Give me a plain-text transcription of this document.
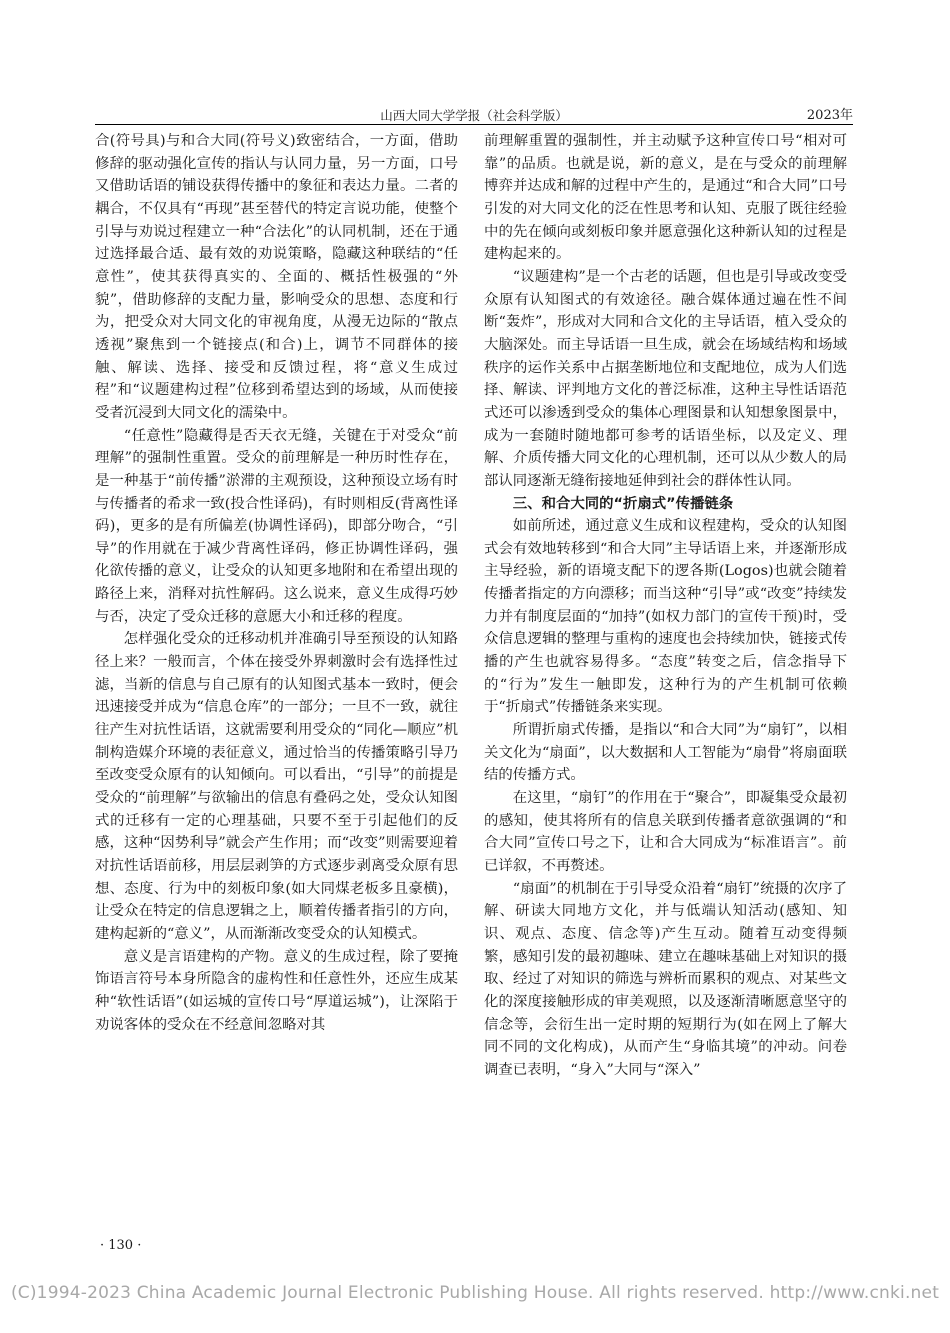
山西大同大学学报（社会科学版）	2023年

合(符号具)与和合大同(符号义)致密结合，一方面，借助修辞的驱动强化宣传的指认与认同力量，另一方面，口号又借助话语的铺设获得传播中的象征和表达力量。二者的耦合，不仅具有“再现”甚至替代的特定言说功能，使整个引导与劝说过程建立一种“合法化”的认同机制，还在于通过选择最合适、最有效的劝说策略，隐藏这种联结的“任意性”，使其获得真实的、全面的、概括性极强的“外貌”，借助修辞的支配力量，影响受众的思想、态度和行为，把受众对大同文化的审视角度，从漫无边际的“散点透视”聚焦到一个链接点(和合)上，调节不同群体的接触、解读、选择、接受和反馈过程，将“意义生成过程”和“议题建构过程”位移到希望达到的场域，从而使接受者沉浸到大同文化的濡染中。

“任意性”隐藏得是否天衣无缝，关键在于对受众“前理解”的强制性重置。受众的前理解是一种历时性存在，是一种基于“前传播”淤滞的主观预设，这种预设立场有时与传播者的希求一致(投合性译码)，有时则相反(背离性译码)，更多的是有所偏差(协调性译码)，即部分吻合，“引导”的作用就在于减少背离性译码，修正协调性译码，强化欲传播的意义，让受众的认知更多地附和在希望出现的路径上来，消释对抗性解码。这么说来，意义生成得巧妙与否，决定了受众迁移的意愿大小和迁移的程度。

怎样强化受众的迁移动机并准确引导至预设的认知路径上来？一般而言，个体在接受外界刺激时会有选择性过滤，当新的信息与自己原有的认知图式基本一致时，便会迅速接受并成为“信息仓库”的一部分；一旦不一致，就往往产生对抗性话语，这就需要利用受众的“同化—顺应”机制构造媒介环境的表征意义，通过恰当的传播策略引导乃至改变受众原有的认知倾向。可以看出，“引导”的前提是受众的“前理解”与欲输出的信息有叠码之处，受众认知图式的迁移有一定的心理基础，只要不至于引起他们的反感，这种“因势利导”就会产生作用；而“改变”则需要迎着对抗性话语前移，用层层剥笋的方式逐步剥离受众原有思想、态度、行为中的刻板印象(如大同煤老板多且豪横)，让受众在特定的信息逻辑之上，顺着传播者指引的方向，建构起新的“意义”，从而渐渐改变受众的认知模式。

意义是言语建构的产物。意义的生成过程，除了要掩饰语言符号本身所隐含的虚构性和任意性外，还应生成某种“软性话语”(如运城的宣传口号“厚道运城”)，让深陷于劝说客体的受众在不经意间忽略对其

前理解重置的强制性，并主动赋予这种宣传口号“相对可靠”的品质。也就是说，新的意义，是在与受众的前理解博弈并达成和解的过程中产生的，是通过“和合大同”口号引发的对大同文化的泛在性思考和认知、克服了既往经验中的先在倾向或刻板印象并愿意强化这种新认知的过程是建构起来的。

“议题建构”是一个古老的话题，但也是引导或改变受众原有认知图式的有效途径。融合媒体通过遍在性不间断“轰炸”，形成对大同和合文化的主导话语，植入受众的大脑深处。而主导话语一旦生成，就会在场域结构和场域秩序的运作关系中占据垄断地位和支配地位，成为人们选择、解读、评判地方文化的普泛标准，这种主导性话语范式还可以渗透到受众的集体心理图景和认知想象图景中，成为一套随时随地都可参考的话语坐标，以及定义、理解、介质传播大同文化的心理机制，还可以从少数人的局部认同逐渐无缝衔接地延伸到社会的群体性认同。

三、和合大同的“折扇式”传播链条

如前所述，通过意义生成和议程建构，受众的认知图式会有效地转移到“和合大同”主导话语上来，并逐渐形成主导经验，新的语境支配下的逻各斯(Logos)也就会随着传播者指定的方向漂移；而当这种“引导”或“改变”持续发力并有制度层面的“加持”(如权力部门的宣传干预)时，受众信息逻辑的整理与重构的速度也会持续加快，链接式传播的产生也就容易得多。“态度”转变之后，信念指导下的“行为”发生一触即发，这种行为的产生机制可依赖于“折扇式”传播链条来实现。

所谓折扇式传播，是指以“和合大同”为“扇钉”，以相关文化为“扇面”，以大数据和人工智能为“扇骨”将扇面联结的传播方式。

在这里，“扇钉”的作用在于“聚合”，即凝集受众最初的感知，使其将所有的信息关联到传播者意欲强调的“和合大同”宣传口号之下，让和合大同成为“标准语言”。前已详叙，不再赘述。

“扇面”的机制在于引导受众沿着“扇钉”统摄的次序了解、研读大同地方文化，并与低端认知活动(感知、知识、观点、态度、信念等)产生互动。随着互动变得频繁，感知引发的最初趣味、建立在趣味基础上对知识的摄取、经过了对知识的筛选与辨析而累积的观点、对某些文化的深度接触形成的审美观照，以及逐渐清晰愿意坚守的信念等，会衍生出一定时期的短期行为(如在网上了解大同不同的文化构成)，从而产生“身临其境”的冲动。问卷调查已表明，“身入”大同与“深入”

· 130 ·
(C)1994-2023 China Academic Journal Electronic Publishing House. All rights reserved. http://www.cnki.net
